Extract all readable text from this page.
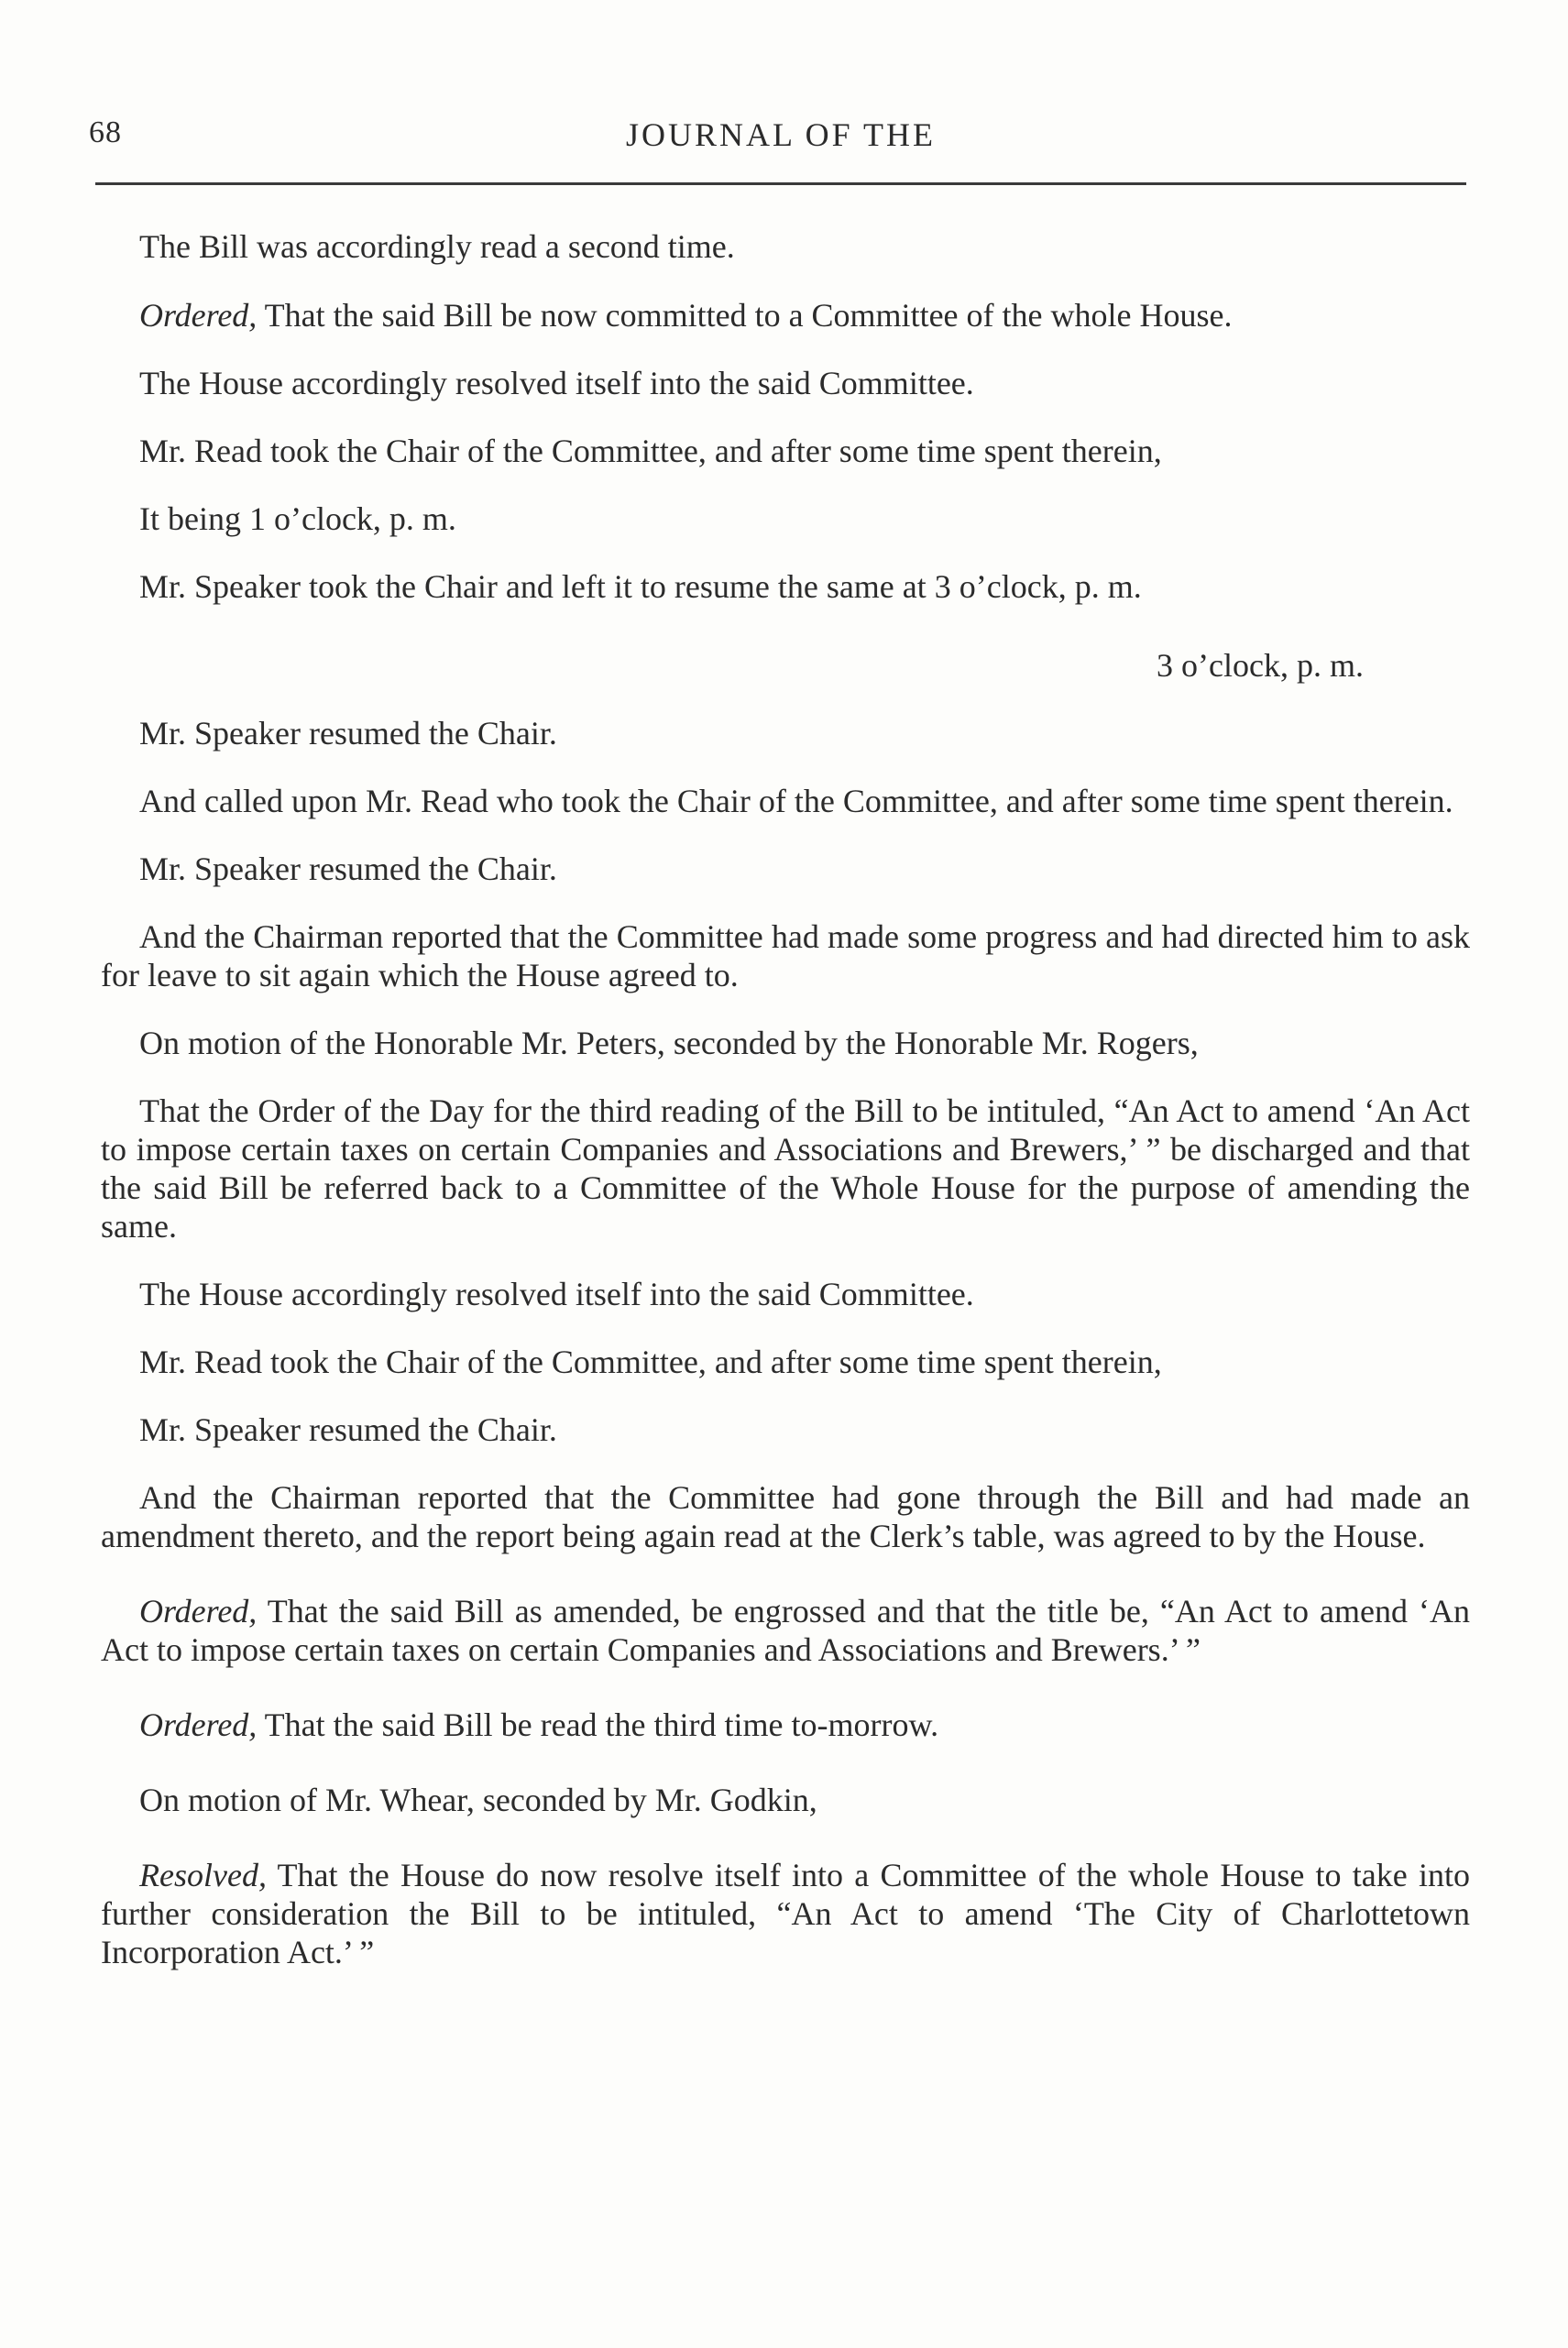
68	JOURNAL OF THE

The Bill was accordingly read a second time.

Ordered, That the said Bill be now committed to a Committee of the whole House.

The House accordingly resolved itself into the said Committee.

Mr. Read took the Chair of the Committee, and after some time spent therein,

It being 1 o’clock, p. m.

Mr. Speaker took the Chair and left it to resume the same at 3 o’clock, p. m.

3 o’clock, p. m.

Mr. Speaker resumed the Chair.

And called upon Mr. Read who took the Chair of the Committee, and after some time spent therein.

Mr. Speaker resumed the Chair.

And the Chairman reported that the Committee had made some progress and had directed him to ask for leave to sit again which the House agreed to.

On motion of the Honorable Mr. Peters, seconded by the Honorable Mr. Rogers,

That the Order of the Day for the third reading of the Bill to be intituled, “An Act to amend ‘An Act to impose certain taxes on certain Companies and Associations and Brewers,’ ” be discharged and that the said Bill be referred back to a Committee of the Whole House for the purpose of amending the same.

The House accordingly resolved itself into the said Committee.

Mr. Read took the Chair of the Committee, and after some time spent therein,

Mr. Speaker resumed the Chair.

And the Chairman reported that the Committee had gone through the Bill and had made an amendment thereto, and the report being again read at the Clerk’s table, was agreed to by the House.

Ordered, That the said Bill as amended, be engrossed and that the title be, “An Act to amend ‘An Act to impose certain taxes on certain Companies and Associations and Brewers.’ ”

Ordered, That the said Bill be read the third time to-morrow.

On motion of Mr. Whear, seconded by Mr. Godkin,

Resolved, That the House do now resolve itself into a Committee of the whole House to take into further consideration the Bill to be intituled, “An Act to amend ‘The City of Charlottetown Incorporation Act.’ ”
